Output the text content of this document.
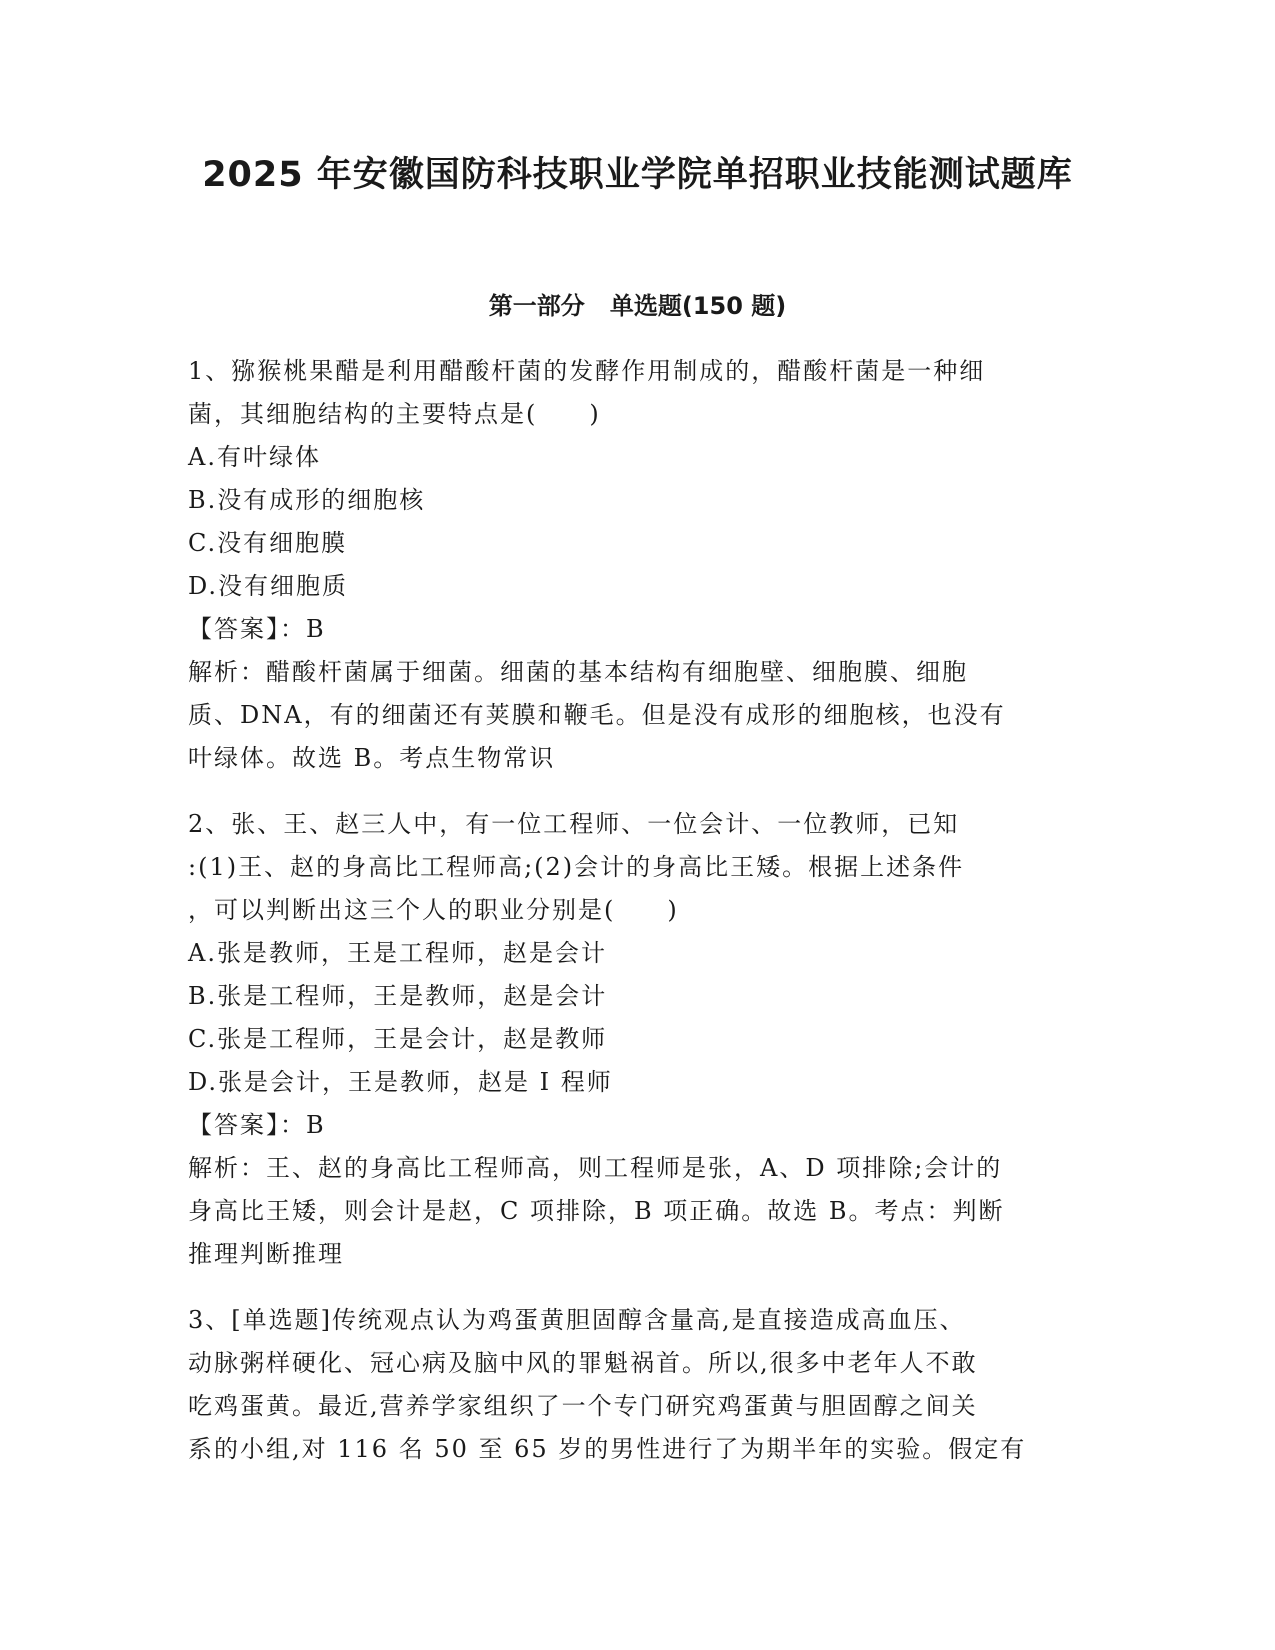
2025 年安徽国防科技职业学院单招职业技能测试题库
第一部分   单选题(150 题)
1、猕猴桃果醋是利用醋酸杆菌的发酵作用制成的，醋酸杆菌是一种细
菌，其细胞结构的主要特点是(　　)
A.有叶绿体
B.没有成形的细胞核
C.没有细胞膜
D.没有细胞质
【答案】：B
解析：醋酸杆菌属于细菌。细菌的基本结构有细胞壁、细胞膜、细胞
质、DNA，有的细菌还有荚膜和鞭毛。但是没有成形的细胞核，也没有
叶绿体。故选 B。考点生物常识
2、张、王、赵三人中，有一位工程师、一位会计、一位教师，已知
:(1)王、赵的身高比工程师高;(2)会计的身高比王矮。根据上述条件
，可以判断出这三个人的职业分别是(　　)
A.张是教师，王是工程师，赵是会计
B.张是工程师，王是教师，赵是会计
C.张是工程师，王是会计，赵是教师
D.张是会计，王是教师，赵是 I 程师
【答案】：B
解析：王、赵的身高比工程师高，则工程师是张，A、D 项排除;会计的
身高比王矮，则会计是赵，C 项排除，B 项正确。故选 B。考点：判断
推理判断推理
3、[单选题]传统观点认为鸡蛋黄胆固醇含量高,是直接造成高血压、
动脉粥样硬化、冠心病及脑中风的罪魁祸首。所以,很多中老年人不敢
吃鸡蛋黄。最近,营养学家组织了一个专门研究鸡蛋黄与胆固醇之间关
系的小组,对 116 名 50 至 65 岁的男性进行了为期半年的实验。假定有
